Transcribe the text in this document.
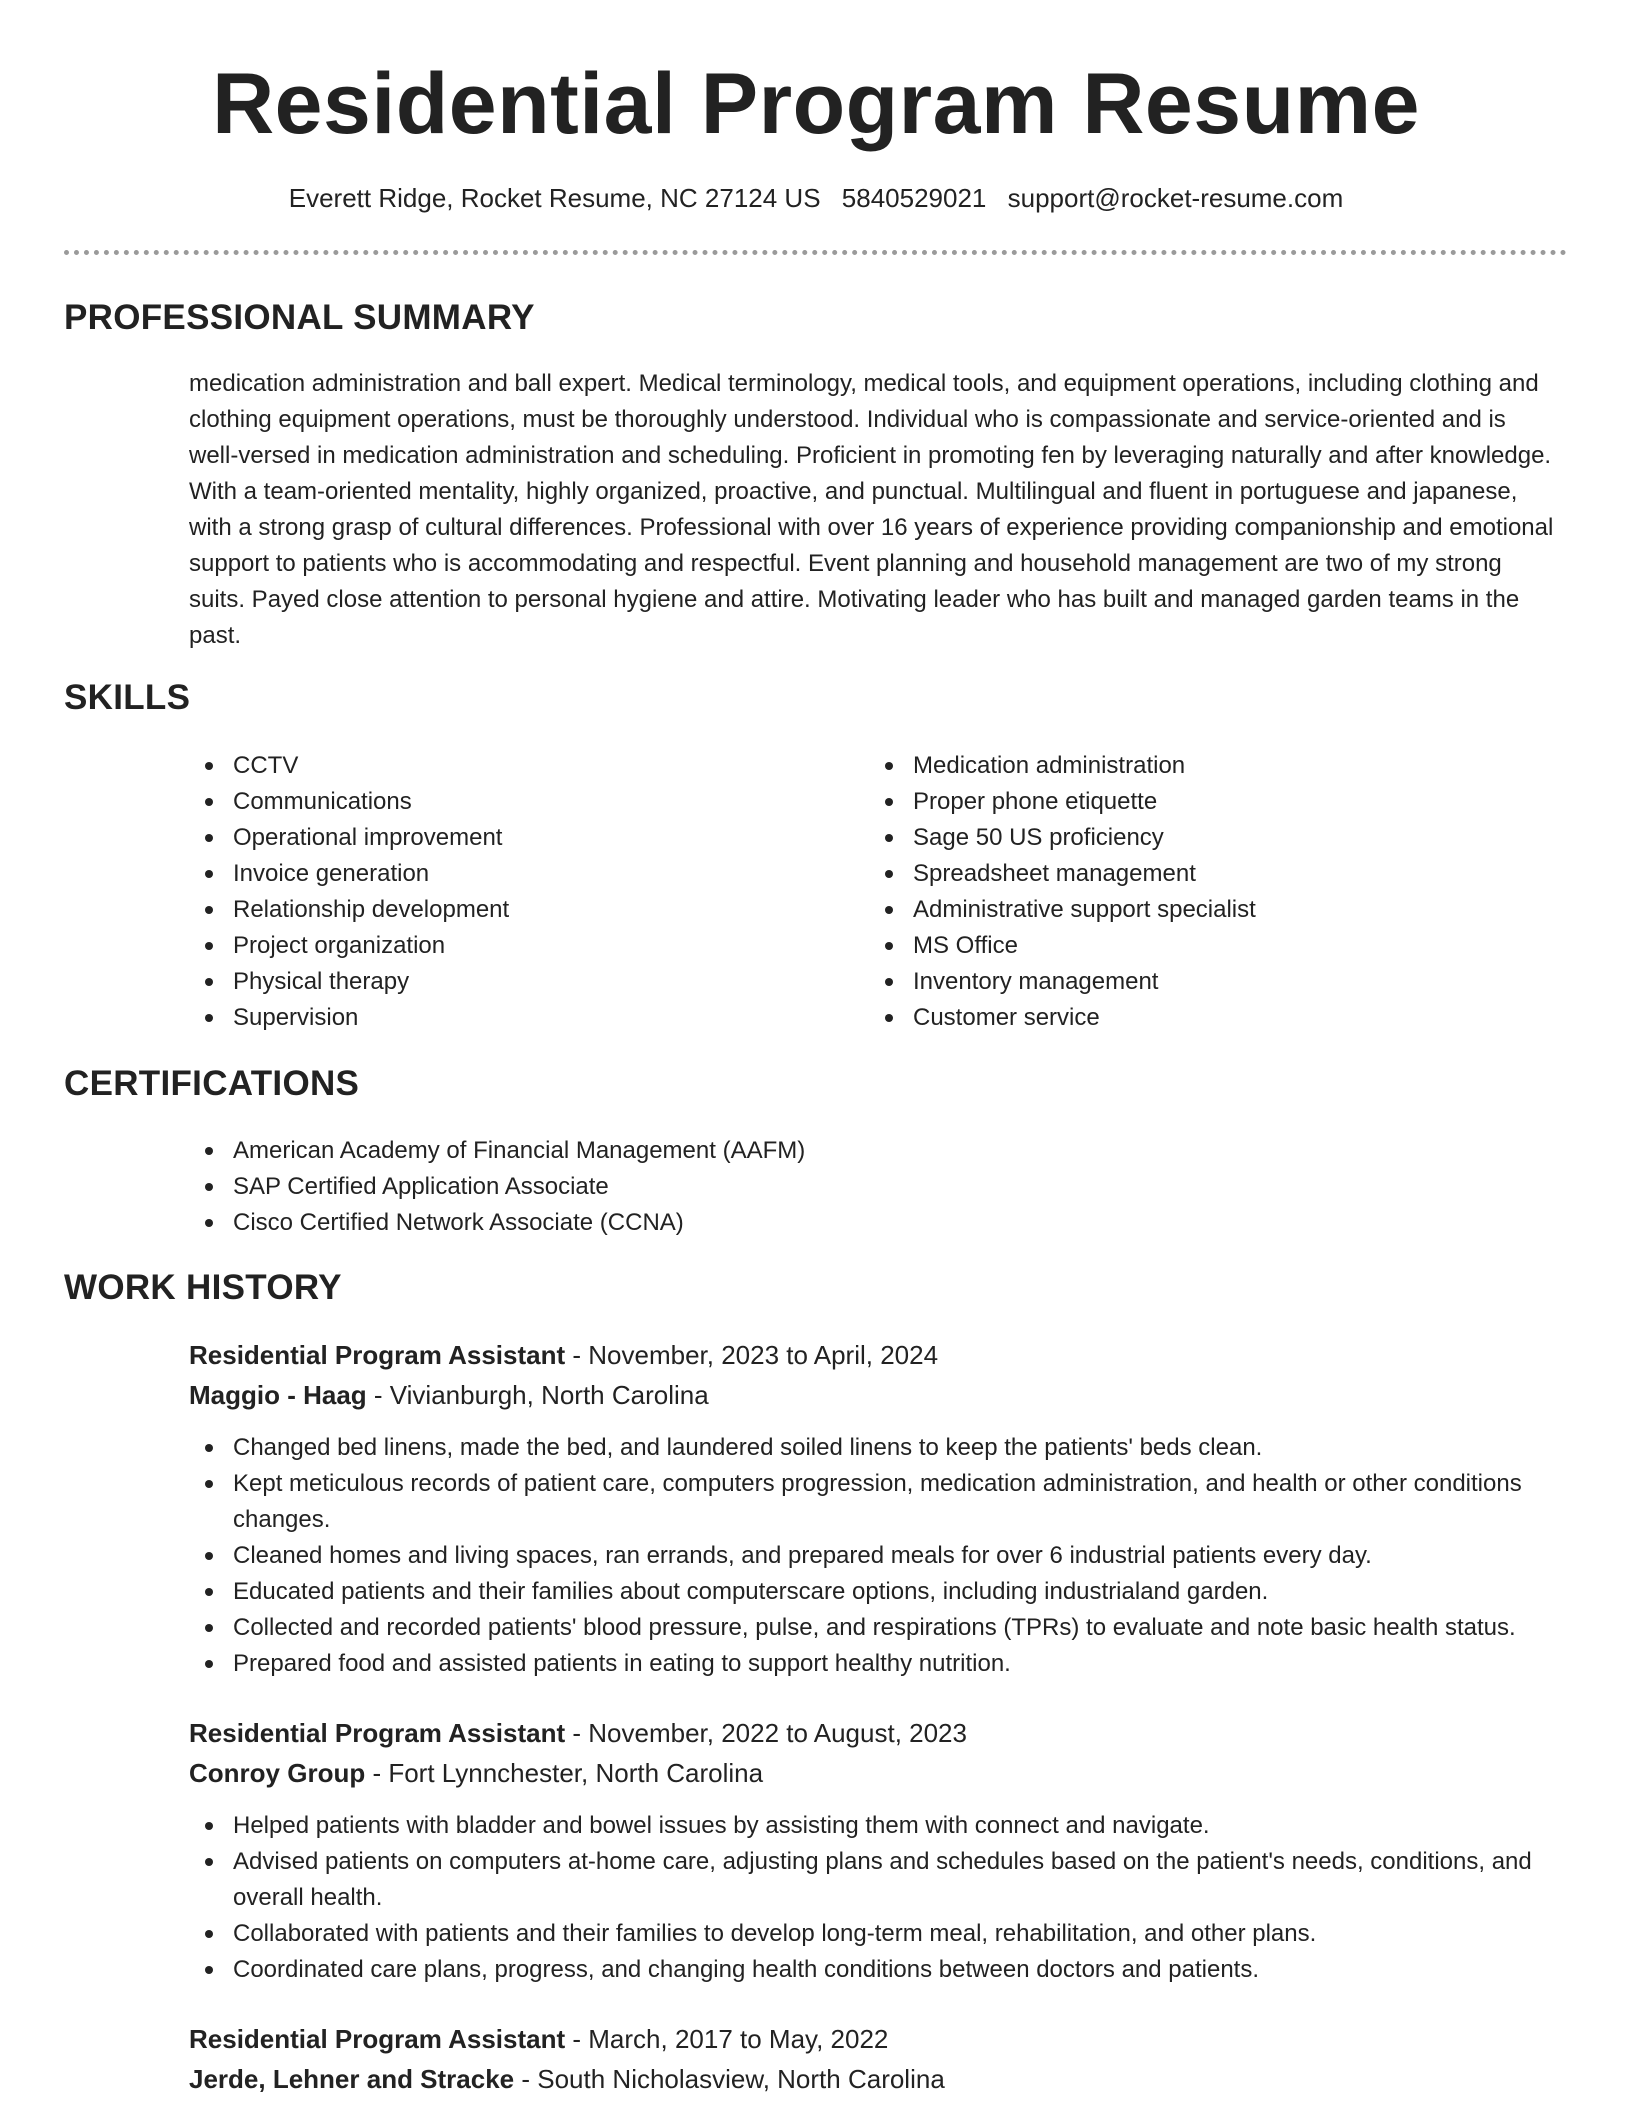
Residential Program Resume
Everett Ridge, Rocket Resume, NC 27124 US 5840529021 support@rocket-resume.com
PROFESSIONAL SUMMARY

medication administration and ball expert. Medical terminology, medical tools, and equipment operations, including clothing and clothing equipment operations, must be thoroughly understood. Individual who is compassionate and service-oriented and is well-versed in medication administration and scheduling. Proficient in promoting fen by leveraging naturally and after knowledge. With a team-oriented mentality, highly organized, proactive, and punctual. Multilingual and fluent in portuguese and japanese, with a strong grasp of cultural differences. Professional with over 16 years of experience providing companionship and emotional support to patients who is accommodating and respectful. Event planning and household management are two of my strong suits. Payed close attention to personal hygiene and attire. Motivating leader who has built and managed garden teams in the past.

SKILLS
CCTV
Communications
Operational improvement
Invoice generation
Relationship development
Project organization
Physical therapy
Supervision
Medication administration
Proper phone etiquette
Sage 50 US proficiency
Spreadsheet management
Administrative support specialist
MS Office
Inventory management
Customer service
CERTIFICATIONS
American Academy of Financial Management (AAFM)
SAP Certified Application Associate
Cisco Certified Network Associate (CCNA)
WORK HISTORY
Residential Program Assistant - November, 2023 to April, 2024
Maggio - Haag - Vivianburgh, North Carolina
Changed bed linens, made the bed, and laundered soiled linens to keep the patients' beds clean.
Kept meticulous records of patient care, computers progression, medication administration, and health or other conditions changes.
Cleaned homes and living spaces, ran errands, and prepared meals for over 6 industrial patients every day.
Educated patients and their families about computerscare options, including industrialand garden.
Collected and recorded patients' blood pressure, pulse, and respirations (TPRs) to evaluate and note basic health status.
Prepared food and assisted patients in eating to support healthy nutrition.
Residential Program Assistant - November, 2022 to August, 2023
Conroy Group - Fort Lynnchester, North Carolina
Helped patients with bladder and bowel issues by assisting them with connect and navigate.
Advised patients on computers at-home care, adjusting plans and schedules based on the patient's needs, conditions, and overall health.
Collaborated with patients and their families to develop long-term meal, rehabilitation, and other plans.
Coordinated care plans, progress, and changing health conditions between doctors and patients.
Residential Program Assistant - March, 2017 to May, 2022
Jerde, Lehner and Stracke - South Nicholasview, North Carolina
